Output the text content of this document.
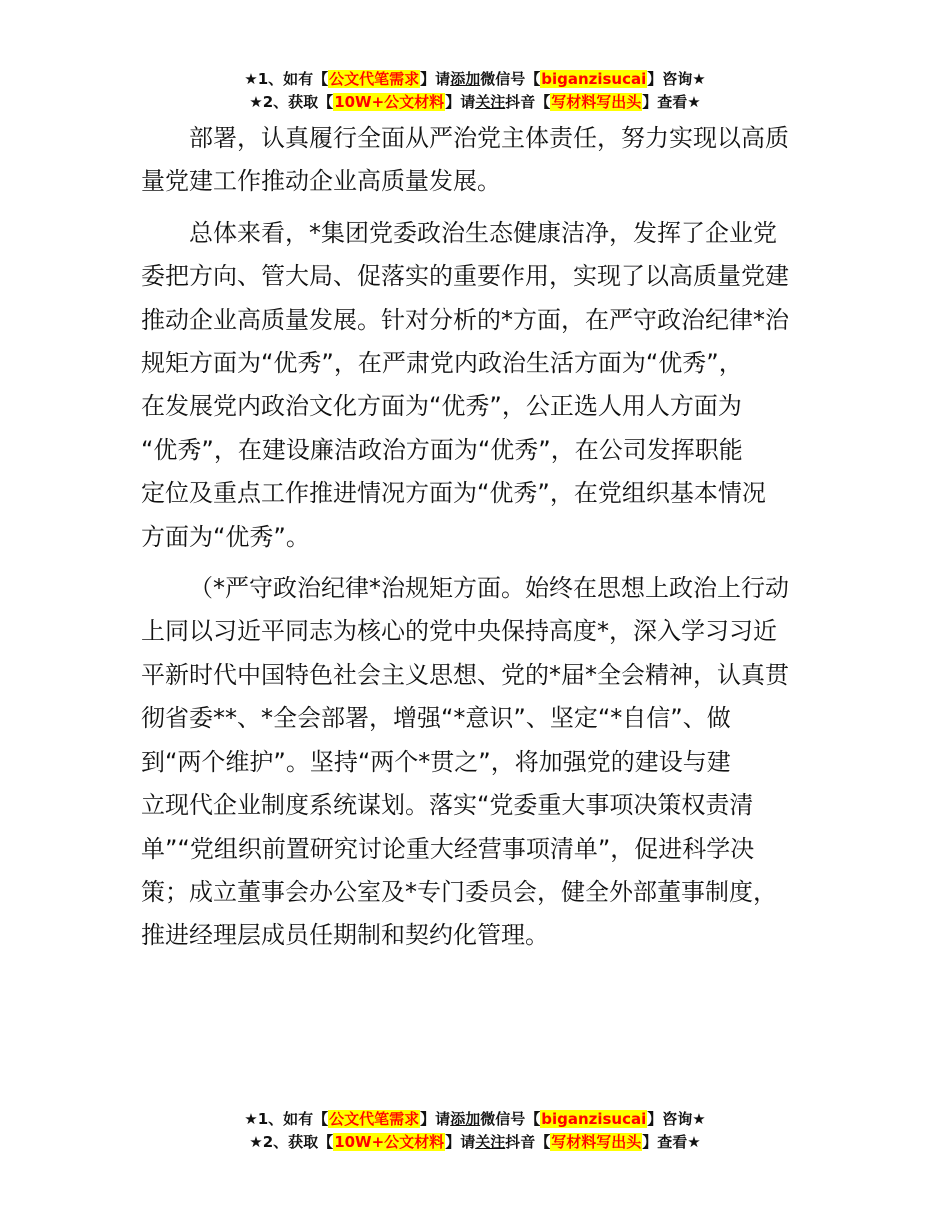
★1、如有【公文代笔需求】请添加微信号【biganzisucai】咨询★
★2、获取【10W+公文材料】请关注抖音【写材料写出头】查看★

部署，认真履行全面从严治党主体责任，努力实现以高质
量党建工作推动企业高质量发展。

总体来看，*集团党委政治生态健康洁净，发挥了企业党
委把方向、管大局、促落实的重要作用，实现了以高质量党建
推动企业高质量发展。针对分析的*方面，在严守政治纪律*治
规矩方面为“优秀”，在严肃党内政治生活方面为“优秀”，
在发展党内政治文化方面为“优秀”，公正选人用人方面为
“优秀”，在建设廉洁政治方面为“优秀”，在公司发挥职能
定位及重点工作推进情况方面为“优秀”，在党组织基本情况
方面为“优秀”。

（*严守政治纪律*治规矩方面。始终在思想上政治上行动
上同以习近平同志为核心的党中央保持高度*，深入学习习近
平新时代中国特色社会主义思想、党的*届*全会精神，认真贯
彻省委**、*全会部署，增强“*意识”、坚定“*自信”、做
到“两个维护”。坚持“两个*贯之”，将加强党的建设与建
立现代企业制度系统谋划。落实“党委重大事项决策权责清
单”“党组织前置研究讨论重大经营事项清单”，促进科学决
策；成立董事会办公室及*专门委员会，健全外部董事制度，
推进经理层成员任期制和契约化管理。

★1、如有【公文代笔需求】请添加微信号【biganzisucai】咨询★
★2、获取【10W+公文材料】请关注抖音【写材料写出头】查看★
